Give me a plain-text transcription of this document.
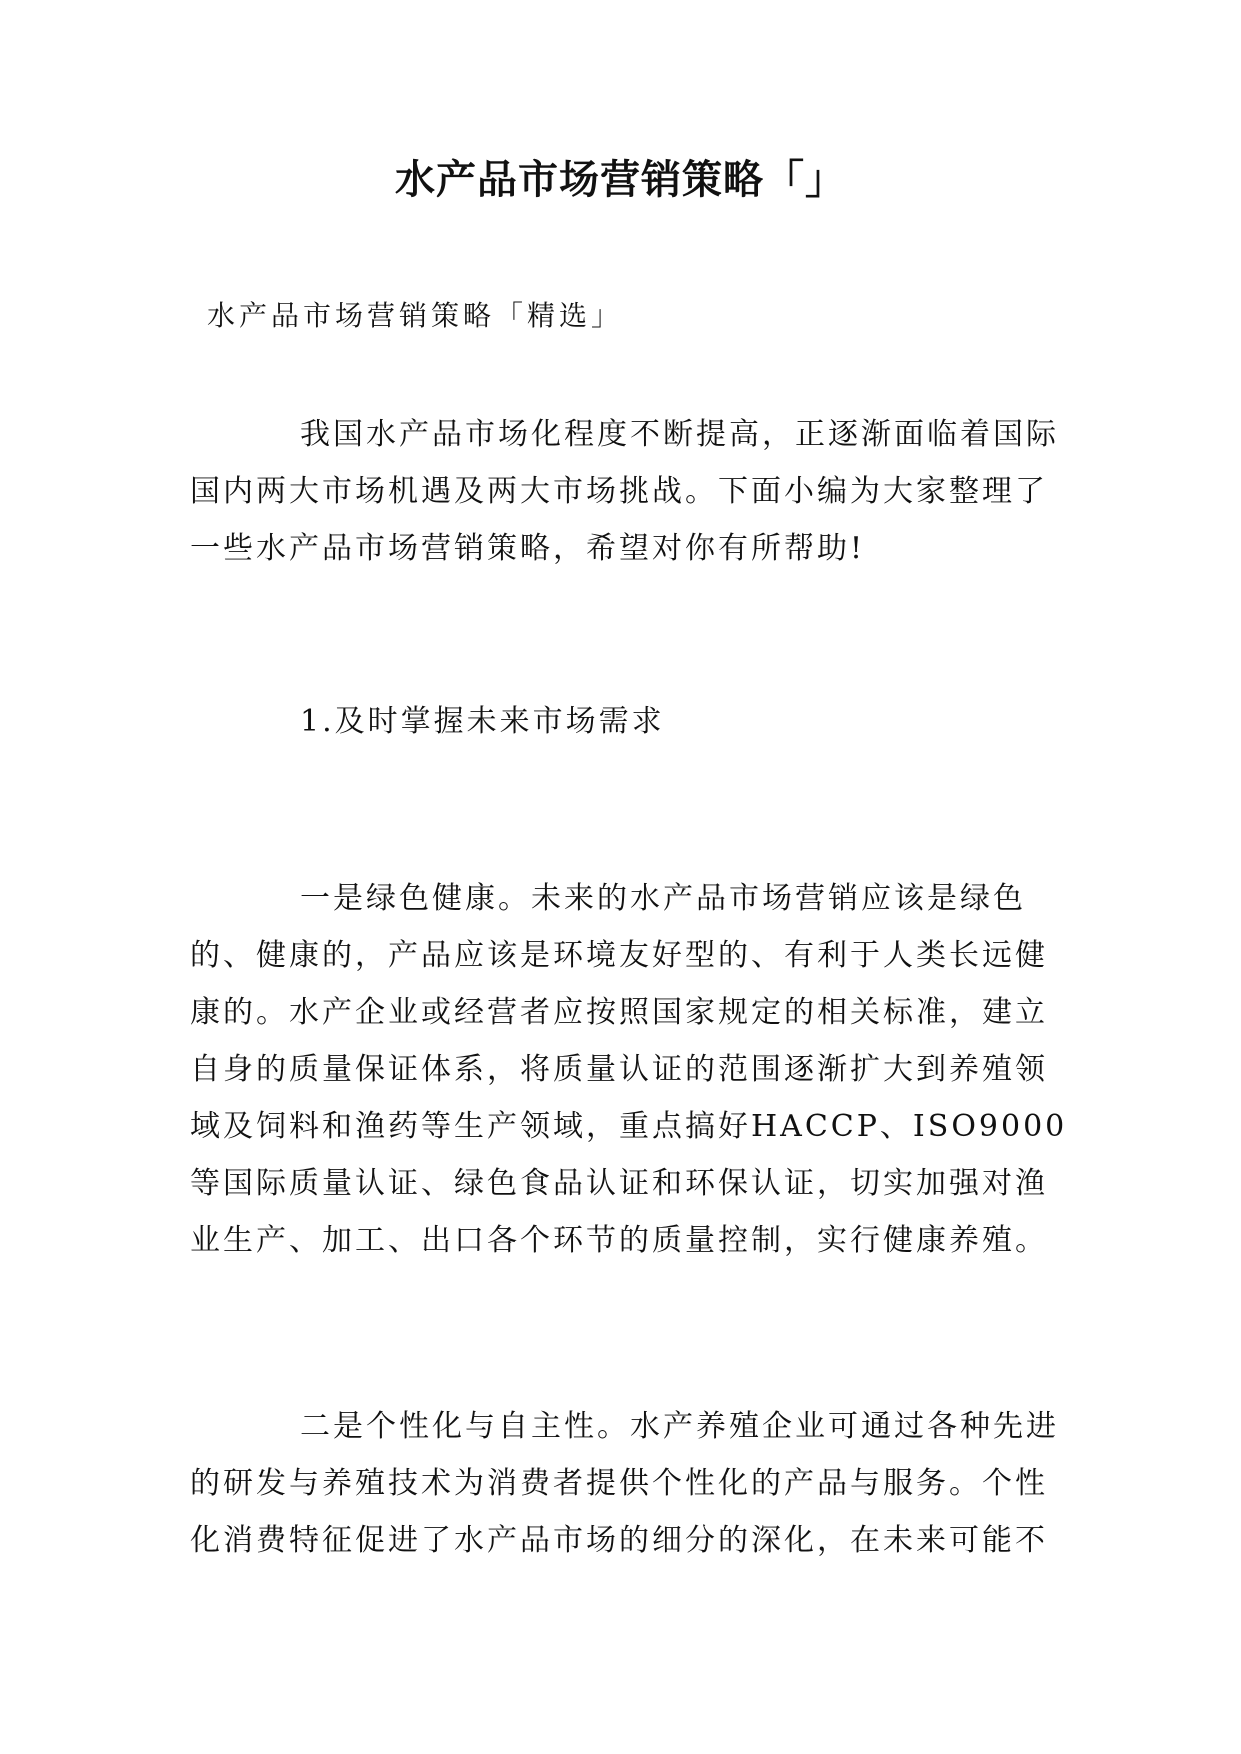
水产品市场营销策略「」

水产品市场营销策略「精选」

我国水产品市场化程度不断提高，正逐渐面临着国际国内两大市场机遇及两大市场挑战。下面小编为大家整理了一些水产品市场营销策略，希望对你有所帮助!

1.及时掌握未来市场需求

一是绿色健康。未来的水产品市场营销应该是绿色的、健康的，产品应该是环境友好型的、有利于人类长远健康的。水产企业或经营者应按照国家规定的相关标准，建立自身的质量保证体系，将质量认证的范围逐渐扩大到养殖领域及饲料和渔药等生产领域，重点搞好HACCP、ISO9000等国际质量认证、绿色食品认证和环保认证，切实加强对渔业生产、加工、出口各个环节的质量控制，实行健康养殖。

二是个性化与自主性。水产养殖企业可通过各种先进的研发与养殖技术为消费者提供个性化的产品与服务。个性化消费特征促进了水产品市场的细分的深化，在未来可能不
